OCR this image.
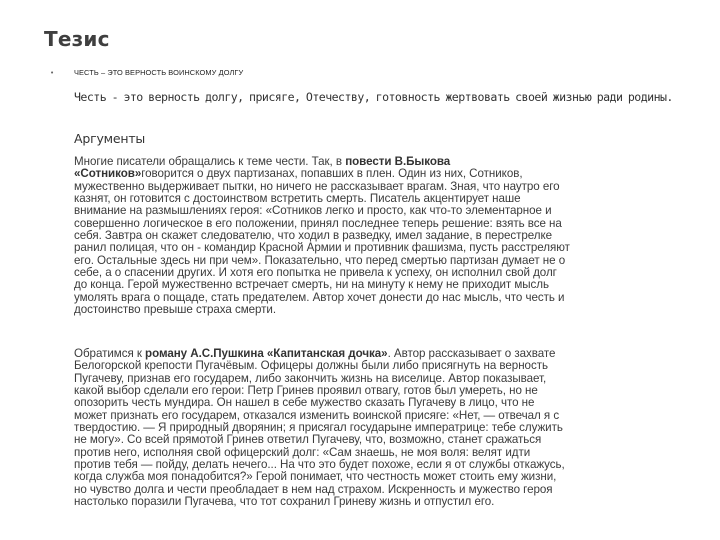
Тезис
•	ЧЕСТЬ – ЭТО ВЕРНОСТЬ ВОИНСКОМУ ДОЛГУ
Честь - это верность долгу, присяге, Отечеству, готовность жертвовать своей жизнью ради родины.
Аргументы
Многие писатели обращались к теме чести. Так, в повести В.Быкова
«Сотников»говорится о двух партизанах, попавших в плен. Один из них, Сотников,
мужественно выдерживает пытки, но ничего не рассказывает врагам. Зная, что наутро его
казнят, он готовится с достоинством встретить смерть. Писатель акцентирует наше
внимание на размышлениях героя: «Сотников легко и просто, как что-то элементарное и
совершенно логическое в его положении, принял последнее теперь решение: взять все на
себя. Завтра он скажет следователю, что ходил в разведку, имел задание, в перестрелке
ранил полицая, что он - командир Красной Армии и противник фашизма, пусть расстреляют
его. Остальные здесь ни при чем». Показательно, что перед смертью партизан думает не о
себе, а о спасении других. И хотя его попытка не привела к успеху, он исполнил свой долг
до конца. Герой мужественно встречает смерть, ни на минуту к нему не приходит мысль
умолять врага о пощаде, стать предателем. Автор хочет донести до нас мысль, что честь и
достоинство превыше страха смерти.
Обратимся к роману А.С.Пушкина «Капитанская дочка». Автор рассказывает о захвате
Белогорской крепости Пугачёвым. Офицеры должны были либо присягнуть на верность
Пугачеву, признав его государем, либо закончить жизнь на виселице. Автор показывает,
какой выбор сделали его герои: Петр Гринев проявил отвагу, готов был умереть, но не
опозорить честь мундира. Он нашел в себе мужество сказать Пугачеву в лицо, что не
может признать его государем, отказался изменить воинской присяге: «Нет, — отвечал я с
твердостию. — Я природный дворянин; я присягал государыне императрице: тебе служить
не могу». Со всей прямотой Гринев ответил Пугачеву, что, возможно, станет сражаться
против него, исполняя свой офицерский долг: «Сам знаешь, не моя воля: велят идти
против тебя — пойду, делать нечего... На что это будет похоже, если я от службы откажусь,
когда служба моя понадобится?» Герой понимает, что честность может стоить ему жизни,
но чувство долга и чести преобладает в нем над страхом. Искренность и мужество героя
настолько поразили Пугачева, что тот сохранил Гриневу жизнь и отпустил его.
